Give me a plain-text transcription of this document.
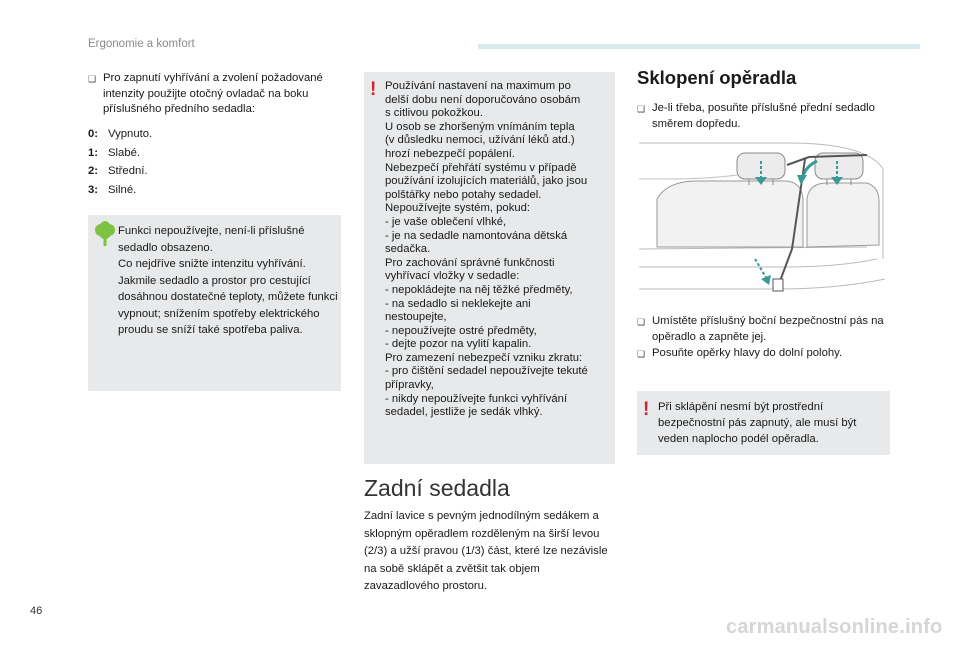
Ergonomie a komfort
❑ Pro zapnutí vyhřívání a zvolení požadované intenzity použijte otočný ovladač na boku příslušného předního sedadla:
0: Vypnuto.
1: Slabé.
2: Střední.
3: Silné.
Funkci nepoužívejte, není-li příslušné sedadlo obsazeno.
Co nejdříve snižte intenzitu vyhřívání.
Jakmile sedadlo a prostor pro cestující dosáhnou dostatečné teploty, můžete funkci vypnout; snížením spotřeby elektrického proudu se sníží také spotřeba paliva.
! Používání nastavení na maximum po
delší dobu není doporučováno osobám
s citlivou pokožkou.
U osob se zhoršeným vnímáním tepla
(v důsledku nemoci, užívání léků atd.)
hrozí nebezpečí popálení.
Nebezpečí přehřátí systému v případě
používání izolujících materiálů, jako jsou
polštářky nebo potahy sedadel.
Nepoužívejte systém, pokud:
- je vaše oblečení vlhké,
- je na sedadle namontována dětská
sedačka.
Pro zachování správné funkčnosti
vyhřívací vložky v sedadle:
- nepokládejte na něj těžké předměty,
- na sedadlo si neklekejte ani
nestoupejte,
- nepoužívejte ostré předměty,
- dejte pozor na vylití kapalin.
Pro zamezení nebezpečí vzniku zkratu:
- pro čištění sedadel nepoužívejte tekuté
přípravky,
- nikdy nepoužívejte funkci vyhřívání
sedadel, jestliže je sedák vlhký.
Zadní sedadla
Zadní lavice s pevným jednodílným sedákem a sklopným opěradlem rozděleným na širší levou (2/3) a užší pravou (1/3) část, které lze nezávisle na sobě sklápět a zvětšit tak objem zavazadlového prostoru.
Sklopení opěradla
❑ Je-li třeba, posuňte příslušné přední sedadlo směrem dopředu.
❑ Umístěte příslušný boční bezpečnostní pás na opěradlo a zapněte jej.
❑ Posuňte opěrky hlavy do dolní polohy.
! Při sklápění nesmí být prostřední bezpečnostní pás zapnutý, ale musí být veden naplocho podél opěradla.
46
carmanualsonline.info
